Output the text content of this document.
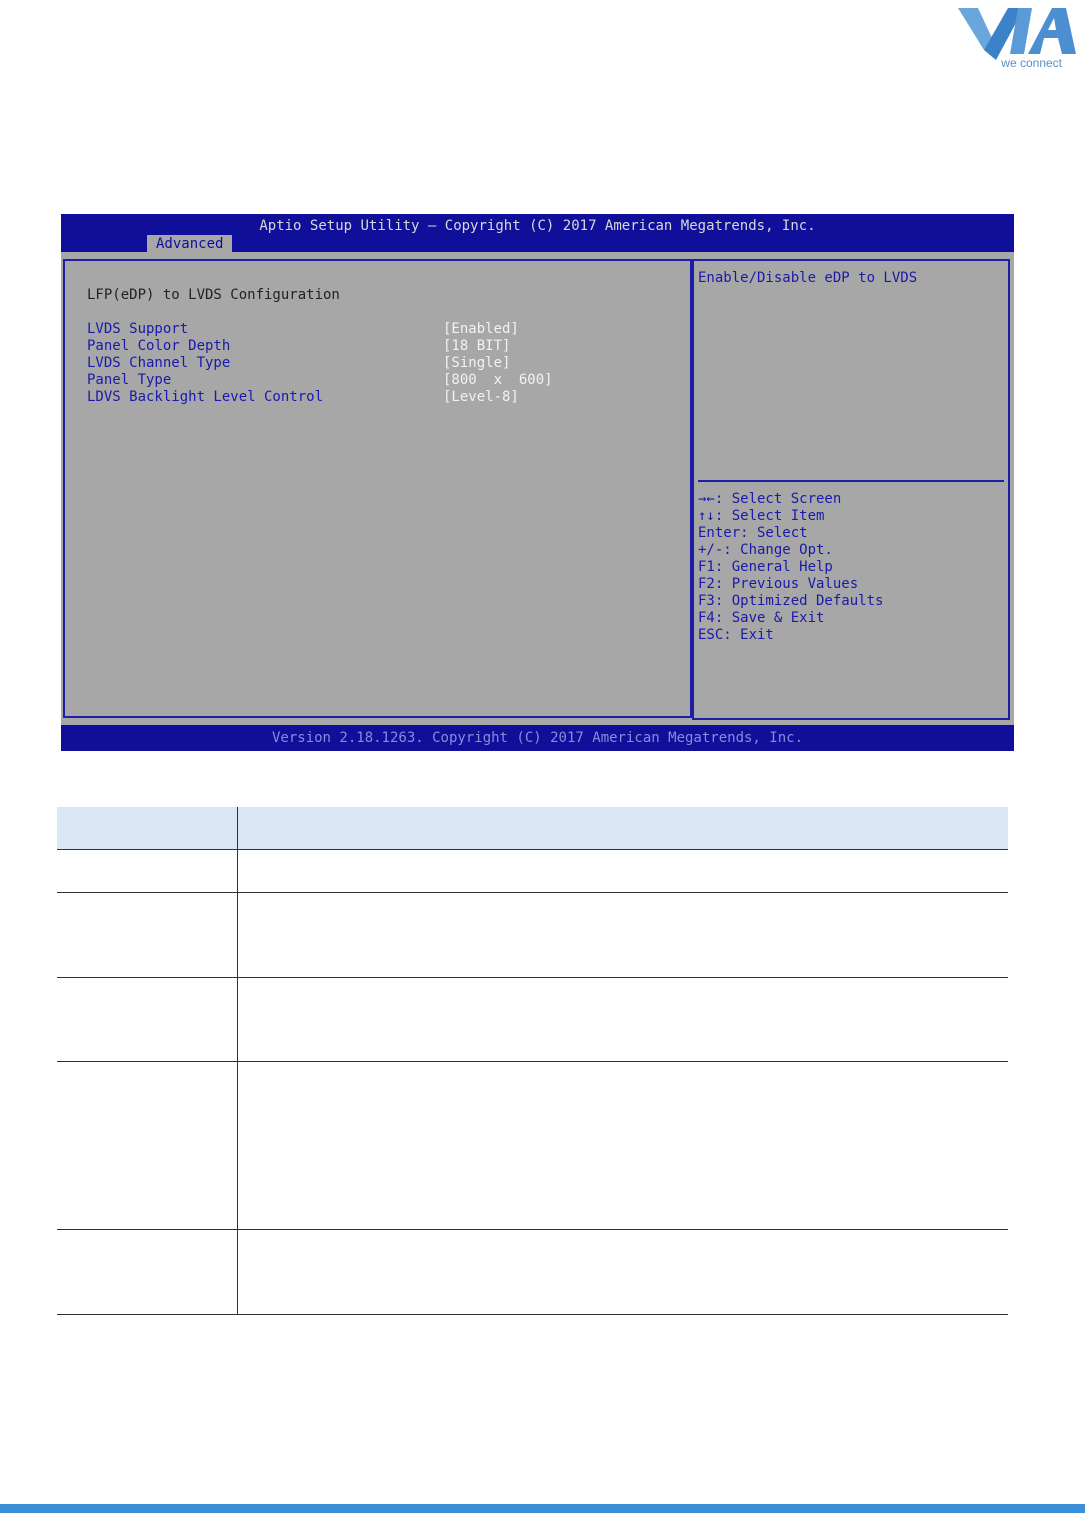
we connect
Aptio Setup Utility – Copyright (C) 2017 American Megatrends, Inc.
Advanced
LFP(eDP) to LVDS Configuration
LVDS Support	[Enabled]
Panel Color Depth	[18 BIT]
LVDS Channel Type	[Single]
Panel Type	[800  x  600]
LDVS Backlight Level Control	[Level-8]
Enable/Disable eDP to LVDS
→←: Select Screen
↑↓: Select Item
Enter: Select
+/-: Change Opt.
F1: General Help
F2: Previous Values
F3: Optimized Defaults
F4: Save & Exit
ESC: Exit
Version 2.18.1263. Copyright (C) 2017 American Megatrends, Inc.
